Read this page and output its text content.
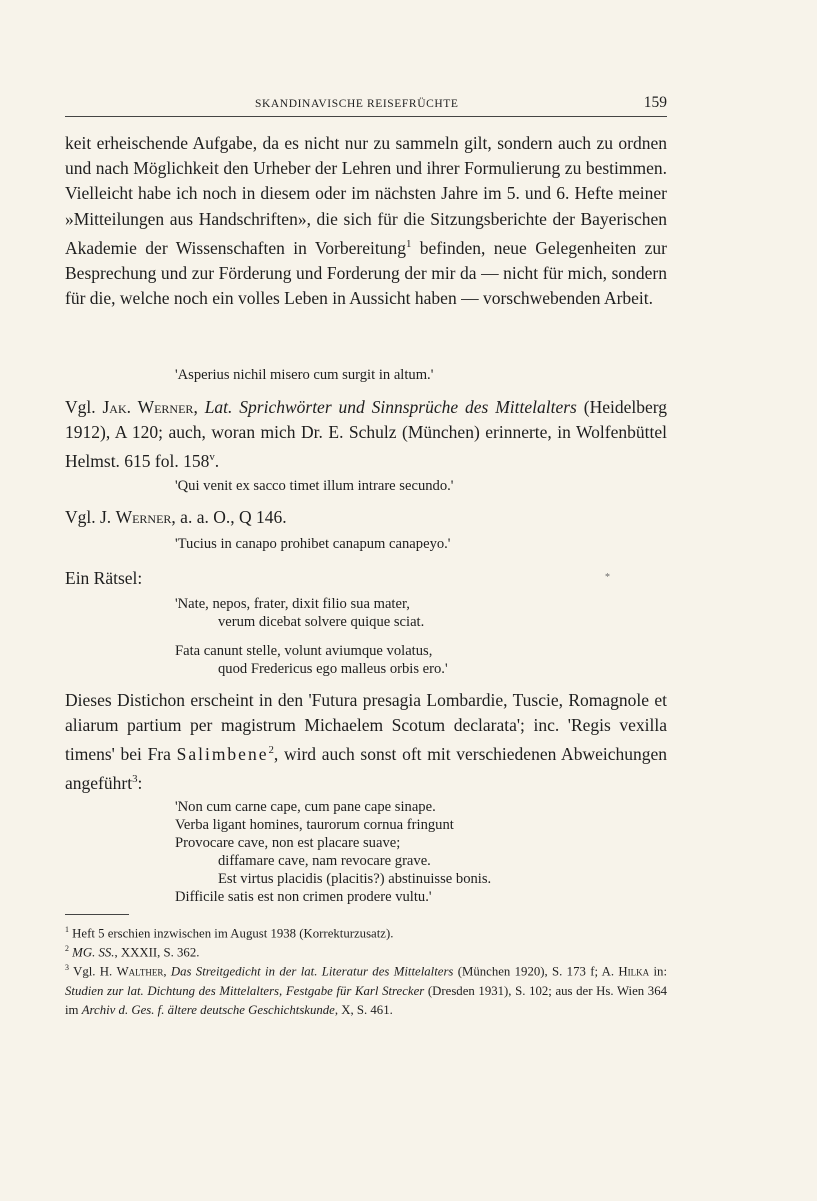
SKANDINAVISCHE REISEFRÜCHTE	159

keit erheischende Aufgabe, da es nicht nur zu sammeln gilt, sondern auch zu ordnen und nach Möglichkeit den Urheber der Lehren und ihrer Formulierung zu bestimmen. Vielleicht habe ich noch in diesem oder im nächsten Jahre im 5. und 6. Hefte meiner »Mitteilungen aus Handschriften», die sich für die Sitzungsberichte der Bayerischen Akademie der Wissenschaften in Vorbereitung$^1$ befinden, neue Gelegenheiten zur Besprechung und zur Förderung und Forderung der mir da — nicht für mich, sondern für die, welche noch ein volles Leben in Aussicht haben — vorschwebenden Arbeit.

'Asperius nichil misero cum surgit in altum.'

Vgl. Jak. Werner, Lat. Sprichwörter und Sinnsprüche des Mittelalters (Heidelberg 1912), A 120; auch, woran mich Dr. E. Schulz (München) erinnerte, in Wolfenbüttel Helmst. 615 fol. 158$^v$.

'Qui venit ex sacco timet illum intrare secundo.'

Vgl. J. Werner, a. a. O., Q 146.

'Tucius in canapo prohibet canapum canapeyo.'

Ein Rätsel:	*

'Nate, nepos, frater, dixit filio sua mater,

verum dicebat solvere quique sciat.

Fata canunt stelle, volunt aviumque volatus,

quod Fredericus ego malleus orbis ero.'

Dieses Distichon erscheint in den 'Futura presagia Lombardie, Tuscie, Romagnole et aliarum partium per magistrum Michaelem Scotum declarata'; inc. 'Regis vexilla timens' bei Fra Salimbene$^2$, wird auch sonst oft mit verschiedenen Abweichungen angeführt$^3$:

'Non cum carne cape, cum pane cape sinape.

Verba ligant homines, taurorum cornua fringunt

Provocare cave, non est placare suave;

diffamare cave, nam revocare grave.

Est virtus placidis (placitis?) abstinuisse bonis.

Difficile satis est non crimen prodere vultu.'

$^1$ Heft 5 erschien inzwischen im August 1938 (Korrekturzusatz).

$^2$ MG. SS., XXXII, S. 362.

$^3$ Vgl. H. Walther, Das Streitgedicht in der lat. Literatur des Mittelalters (München 1920), S. 173 f; A. Hilka in: Studien zur lat. Dichtung des Mittelalters, Festgabe für Karl Strecker (Dresden 1931), S. 102; aus der Hs. Wien 364 im Archiv d. Ges. f. ältere deutsche Geschichtskunde, X, S. 461.
